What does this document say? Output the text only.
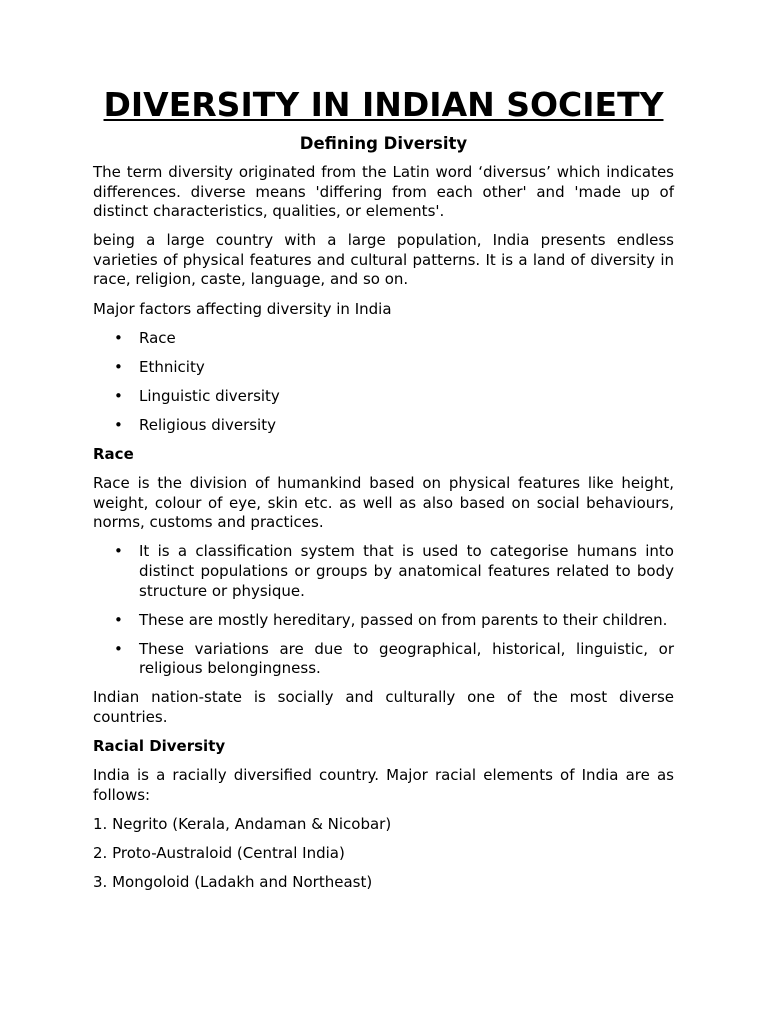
DIVERSITY IN INDIAN SOCIETY
Defining Diversity

The term diversity originated from the Latin word ‘diversus’ which indicates differences. diverse means 'differing from each other' and 'made up of distinct characteristics, qualities, or elements'.

being a large country with a large population, India presents endless varieties of physical features and cultural patterns. It is a land of diversity in race, religion, caste, language, and so on.

Major factors affecting diversity in India

• Race
• Ethnicity
• Linguistic diversity
• Religious diversity

Race

Race is the division of humankind based on physical features like height, weight, colour of eye, skin etc. as well as also based on social behaviours, norms, customs and practices.

• It is a classification system that is used to categorise humans into distinct populations or groups by anatomical features related to body structure or physique.
• These are mostly hereditary, passed on from parents to their children.
• These variations are due to geographical, historical, linguistic, or religious belongingness.

Indian nation-state is socially and culturally one of the most diverse countries.

Racial Diversity

India is a racially diversified country. Major racial elements of India are as follows:

1. Negrito (Kerala, Andaman & Nicobar)
2. Proto-Australoid (Central India)
3. Mongoloid (Ladakh and Northeast)
